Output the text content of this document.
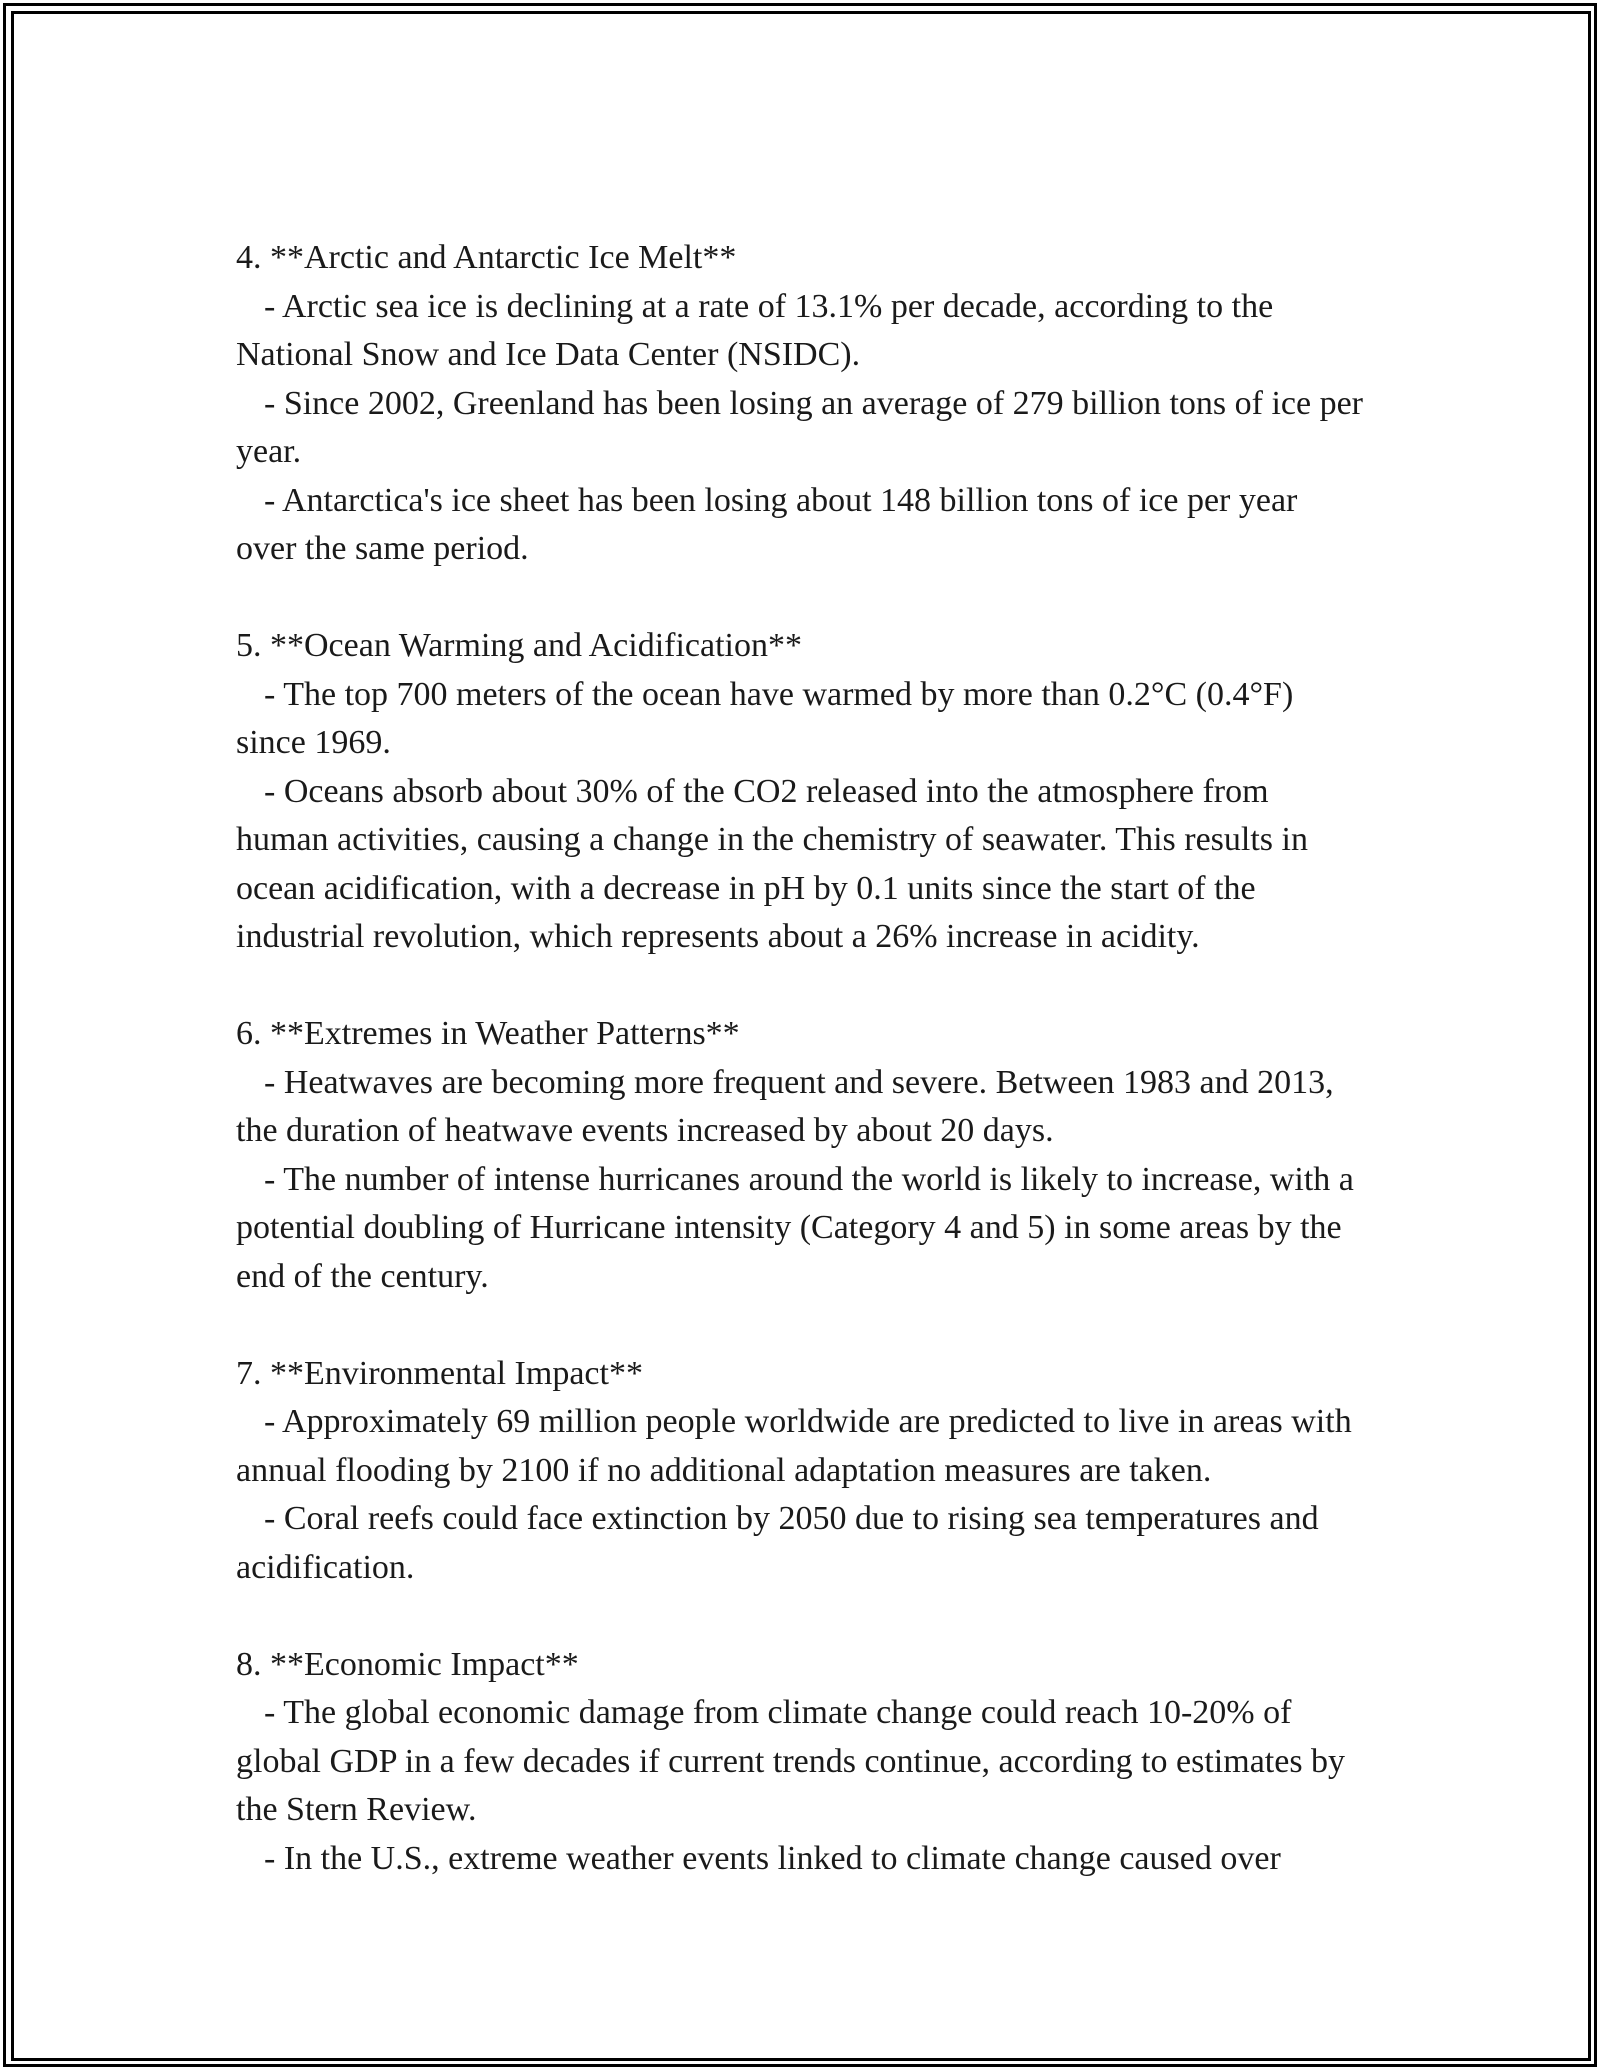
4. **Arctic and Antarctic Ice Melt**
- Arctic sea ice is declining at a rate of 13.1% per decade, according to the National Snow and Ice Data Center (NSIDC).
- Since 2002, Greenland has been losing an average of 279 billion tons of ice per year.
- Antarctica's ice sheet has been losing about 148 billion tons of ice per year over the same period.
5. **Ocean Warming and Acidification**
- The top 700 meters of the ocean have warmed by more than 0.2°C (0.4°F) since 1969.
- Oceans absorb about 30% of the CO2 released into the atmosphere from human activities, causing a change in the chemistry of seawater. This results in ocean acidification, with a decrease in pH by 0.1 units since the start of the industrial revolution, which represents about a 26% increase in acidity.
6. **Extremes in Weather Patterns**
- Heatwaves are becoming more frequent and severe. Between 1983 and 2013, the duration of heatwave events increased by about 20 days.
- The number of intense hurricanes around the world is likely to increase, with a potential doubling of Hurricane intensity (Category 4 and 5) in some areas by the end of the century.
7. **Environmental Impact**
- Approximately 69 million people worldwide are predicted to live in areas with annual flooding by 2100 if no additional adaptation measures are taken.
- Coral reefs could face extinction by 2050 due to rising sea temperatures and acidification.
8. **Economic Impact**
- The global economic damage from climate change could reach 10-20% of global GDP in a few decades if current trends continue, according to estimates by the Stern Review.
- In the U.S., extreme weather events linked to climate change caused over
